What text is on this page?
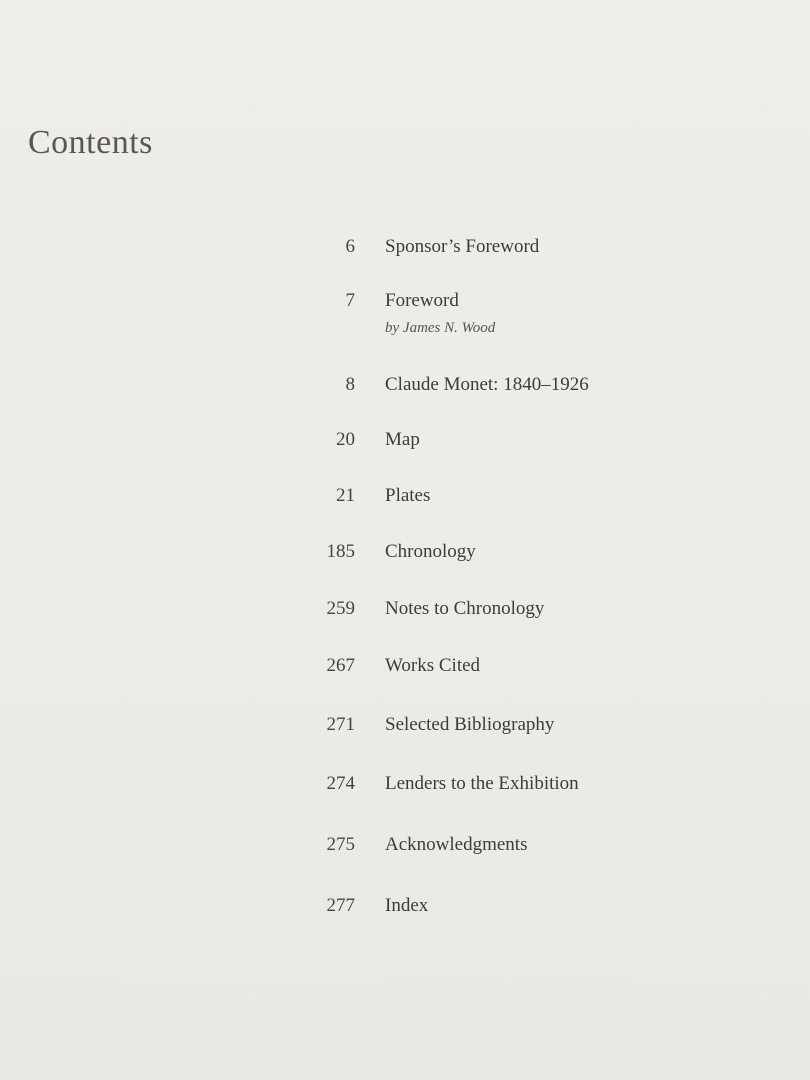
Contents
6 Sponsor’s Foreword
7 Foreword
by James N. Wood
8 Claude Monet: 1840–1926
20 Map
21 Plates
185 Chronology
259 Notes to Chronology
267 Works Cited
271 Selected Bibliography
274 Lenders to the Exhibition
275 Acknowledgments
277 Index
